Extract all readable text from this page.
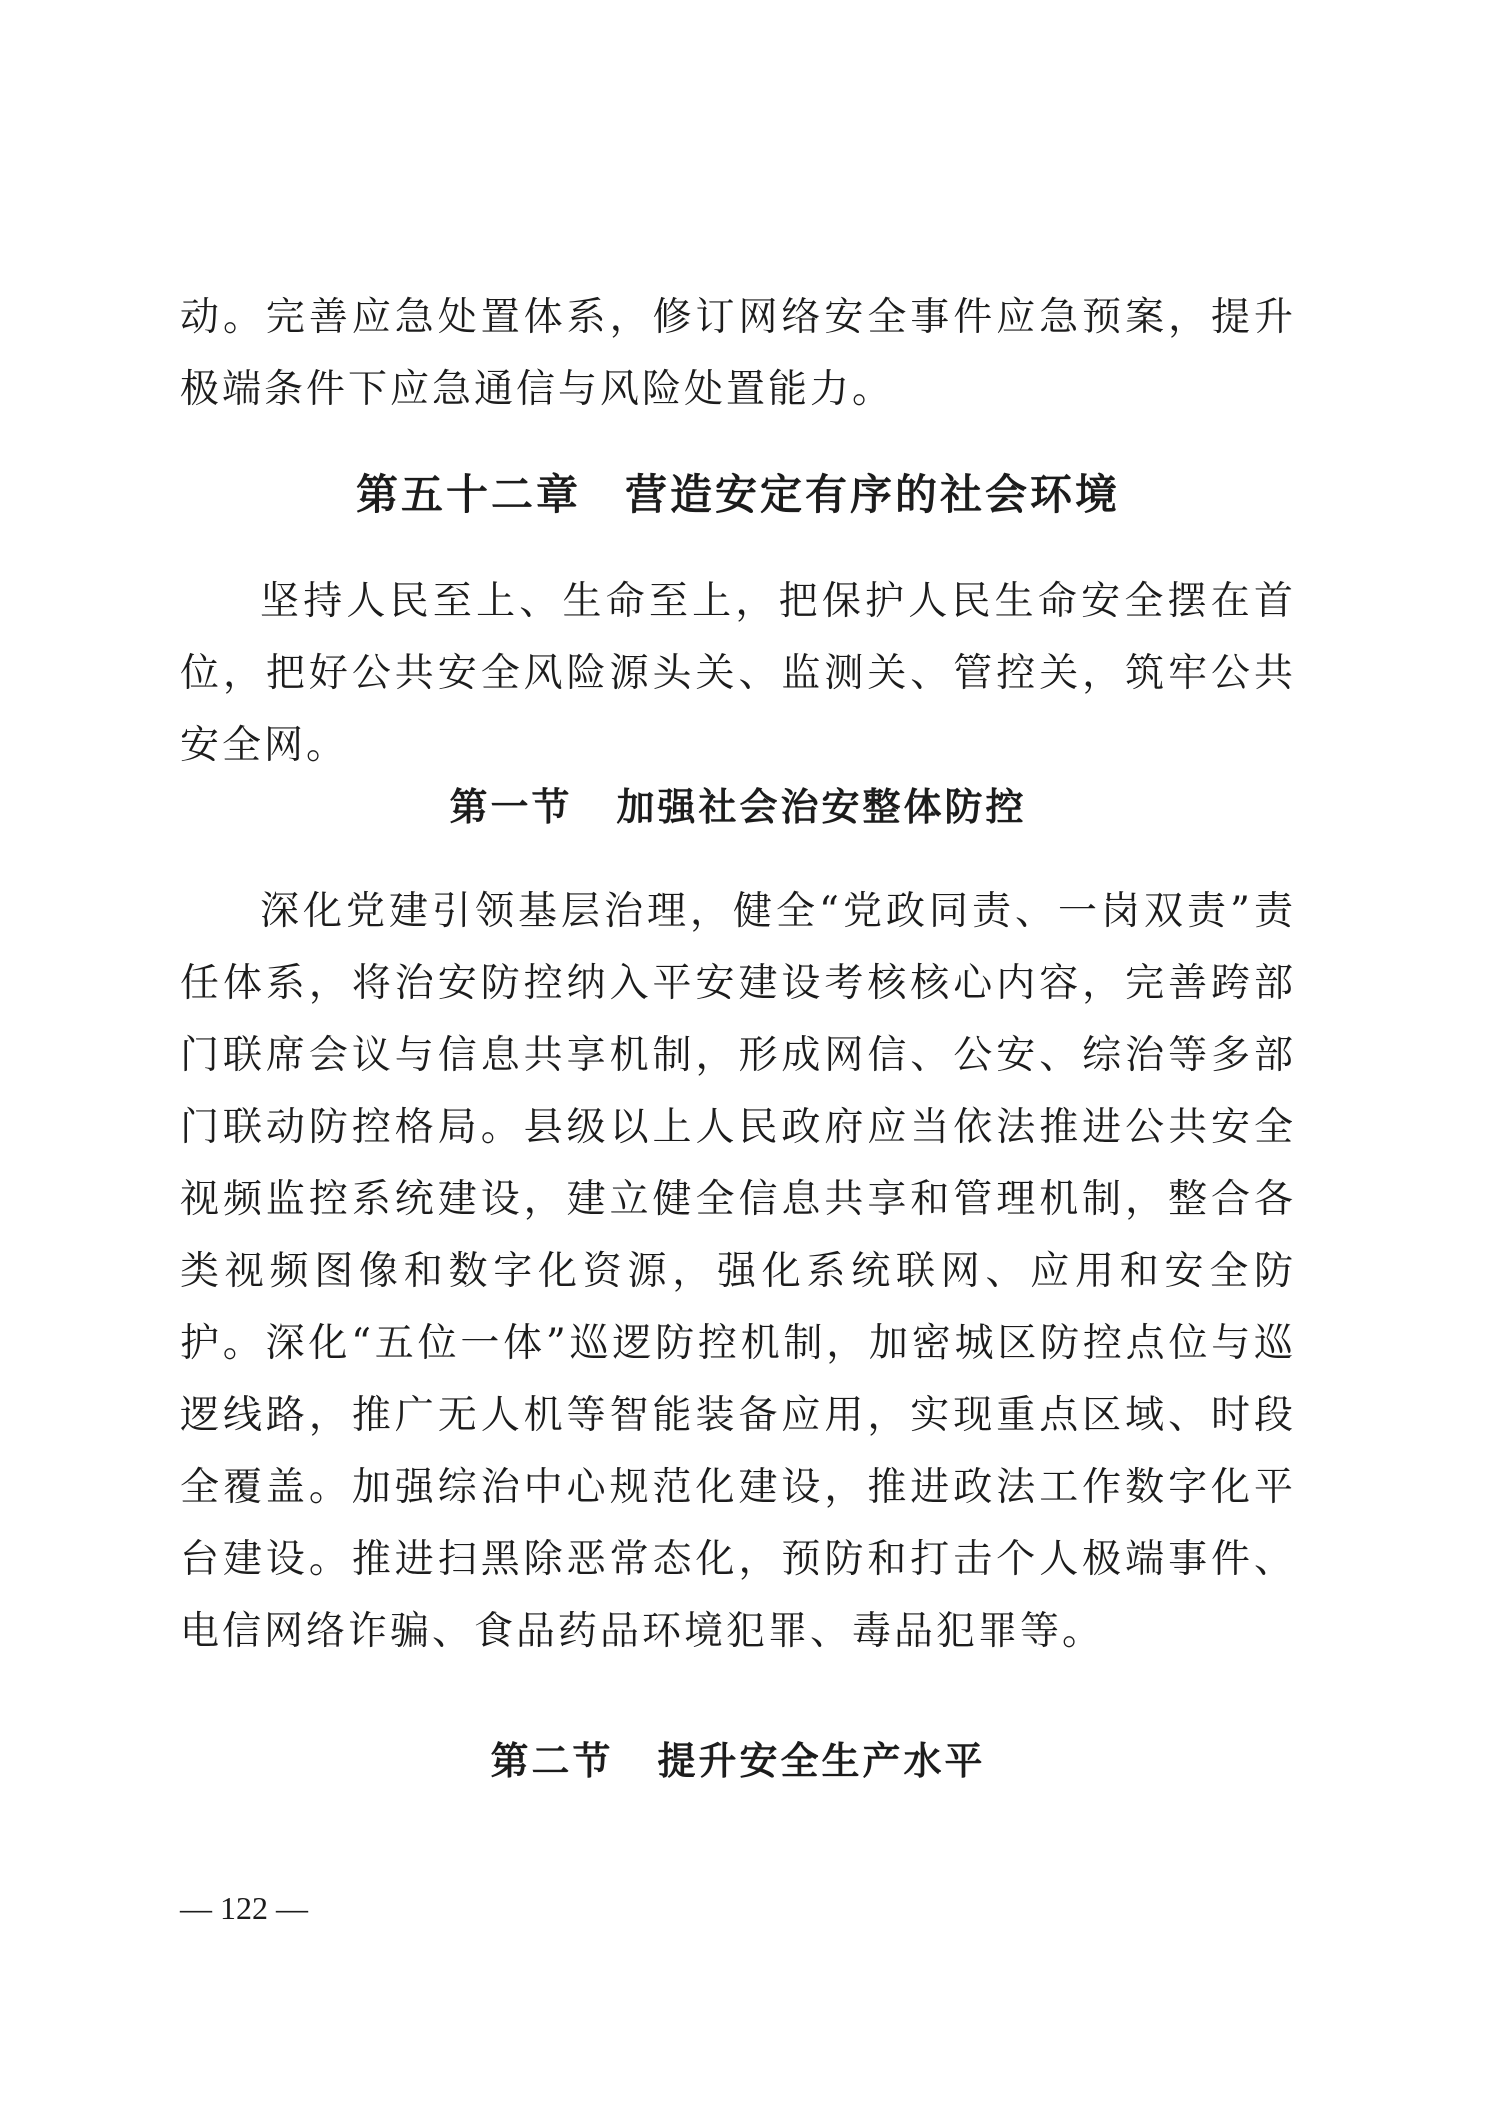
动。完善应急处置体系，修订网络安全事件应急预案，提升极端条件下应急通信与风险处置能力。

第五十二章 营造安定有序的社会环境

坚持人民至上、生命至上，把保护人民生命安全摆在首位，把好公共安全风险源头关、监测关、管控关，筑牢公共安全网。

第一节 加强社会治安整体防控

深化党建引领基层治理，健全“党政同责、一岗双责”责任体系，将治安防控纳入平安建设考核核心内容，完善跨部门联席会议与信息共享机制，形成网信、公安、综治等多部门联动防控格局。县级以上人民政府应当依法推进公共安全视频监控系统建设，建立健全信息共享和管理机制，整合各类视频图像和数字化资源，强化系统联网、应用和安全防护。深化“五位一体”巡逻防控机制，加密城区防控点位与巡逻线路，推广无人机等智能装备应用，实现重点区域、时段全覆盖。加强综治中心规范化建设，推进政法工作数字化平台建设。推进扫黑除恶常态化，预防和打击个人极端事件、电信网络诈骗、食品药品环境犯罪、毒品犯罪等。

第二节 提升安全生产水平
— 122 —
